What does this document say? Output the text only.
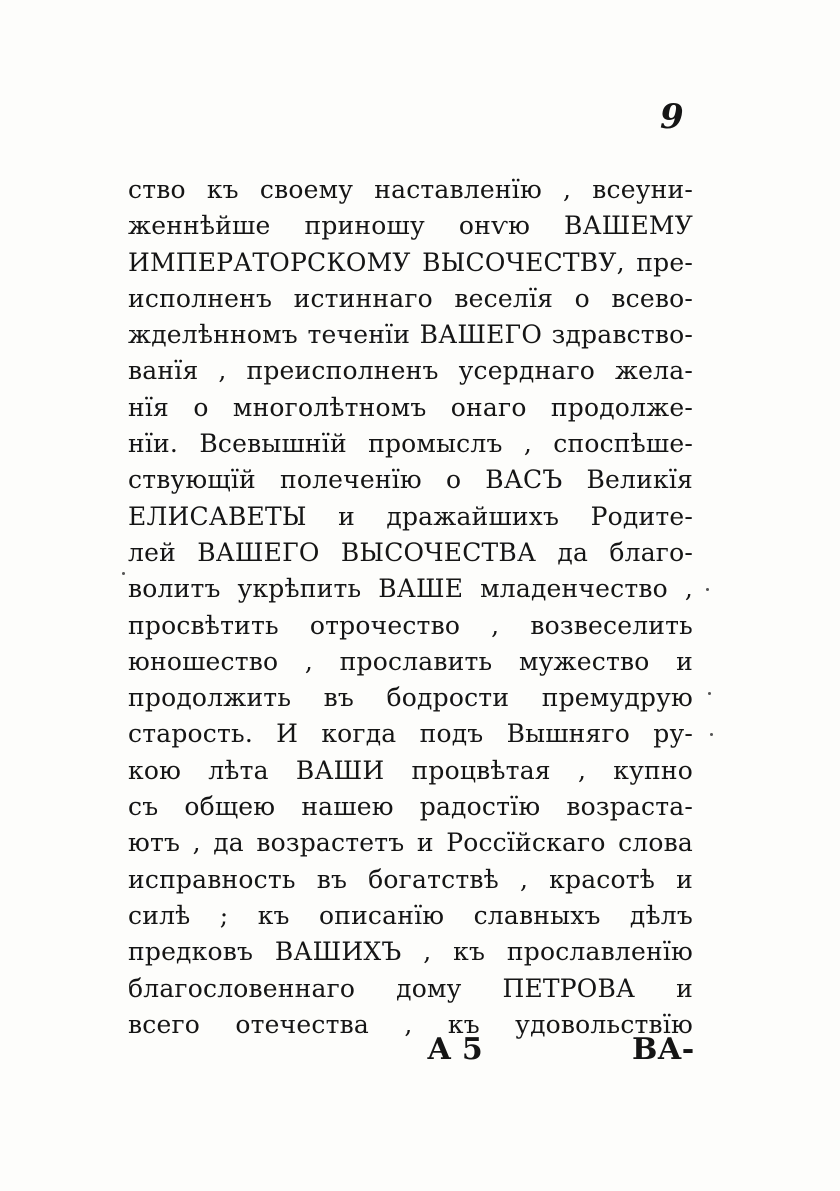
9
ство къ своему наставленїю , всеуни-
женнѣйше приношу онѵю ВАШЕМУ
ИМПЕРАТОРСКОМУ ВЫСОЧЕСТВУ, пре-
исполненъ истиннаго веселїя о всево-
жделѣнномъ теченїи ВАШЕГО здравство-
ванїя , преисполненъ усерднаго жела-
нїя о многолѣтномъ онаго продолже-
нїи. Всевышнїй промыслъ , споспѣше-
ствующїй полеченїю о ВАСЪ Великїя
ЕЛИСАВЕТЫ и дражайшихъ Родите-
лей ВАШЕГО ВЫСОЧЕСТВА да благо-
волитъ укрѣпить ВАШЕ младенчество ,
просвѣтить отрочество , возвеселить
юношество , прославить мужество и
продолжить въ бодрости премудрую
старость. И когда подъ Вышняго ру-
кою лѣта ВАШИ процвѣтая , купно
съ общею нашею радостїю возраста-
ютъ , да возрастетъ и Россїйскаго слова
исправность въ богатствѣ , красотѣ и
силѣ ; къ описанїю славныхъ дѣлъ
предковъ ВАШИХЪ , къ прославленїю
благословеннаго дому ПЕТРОВА и
всего отечества , къ удовольствїю
А 5	ВА-
